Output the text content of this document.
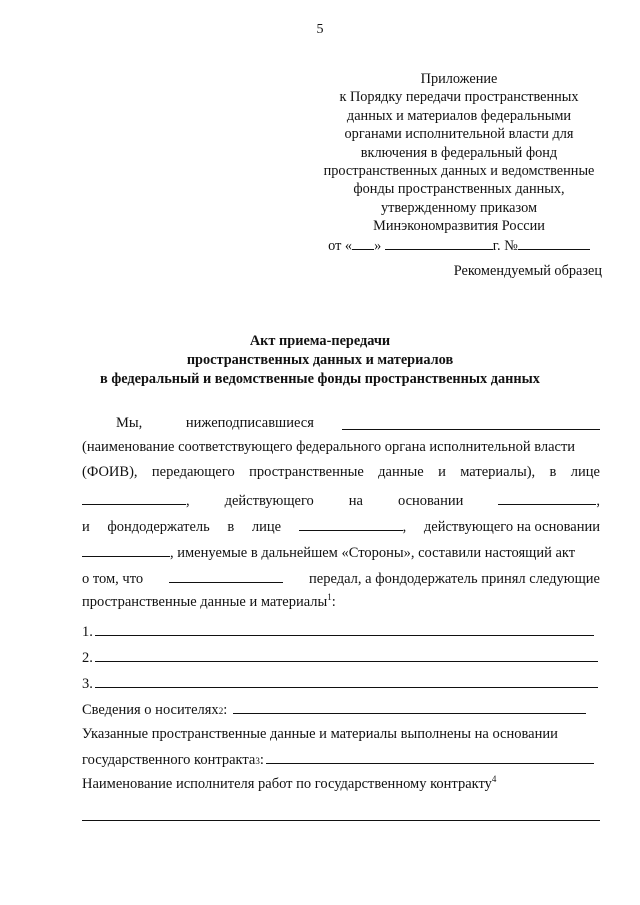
5
Приложение
к Порядку передачи пространственных
данных и материалов федеральными
органами исполнительной власти для
включения в федеральный фонд
пространственных данных и ведомственные
фонды пространственных данных,
утвержденному приказом
Минэкономразвития России
от « »	г. №
Рекомендуемый образец
Акт приема-передачи
пространственных данных и материалов
в федеральный и ведомственные фонды пространственных данных
Мы,	нижеподписавшиеся
(наименование соответствующего федерального органа исполнительной власти
(ФОИВ), передающего пространственные данные и материалы), в лице
, действующего на основании	,
и фондодержатель в лице	, действующего на основании
, именуемые в дальнейшем «Стороны», составили настоящий акт
о том, что	передал, а фондодержатель принял следующие
пространственные данные и материалы$^1$:
1.
2.
3.
Сведения о носителях 2 :
Указанные пространственные данные и материалы выполнены на основании
государственного контракта 3 :
Наименование исполнителя работ по государственному контракту$^4$
